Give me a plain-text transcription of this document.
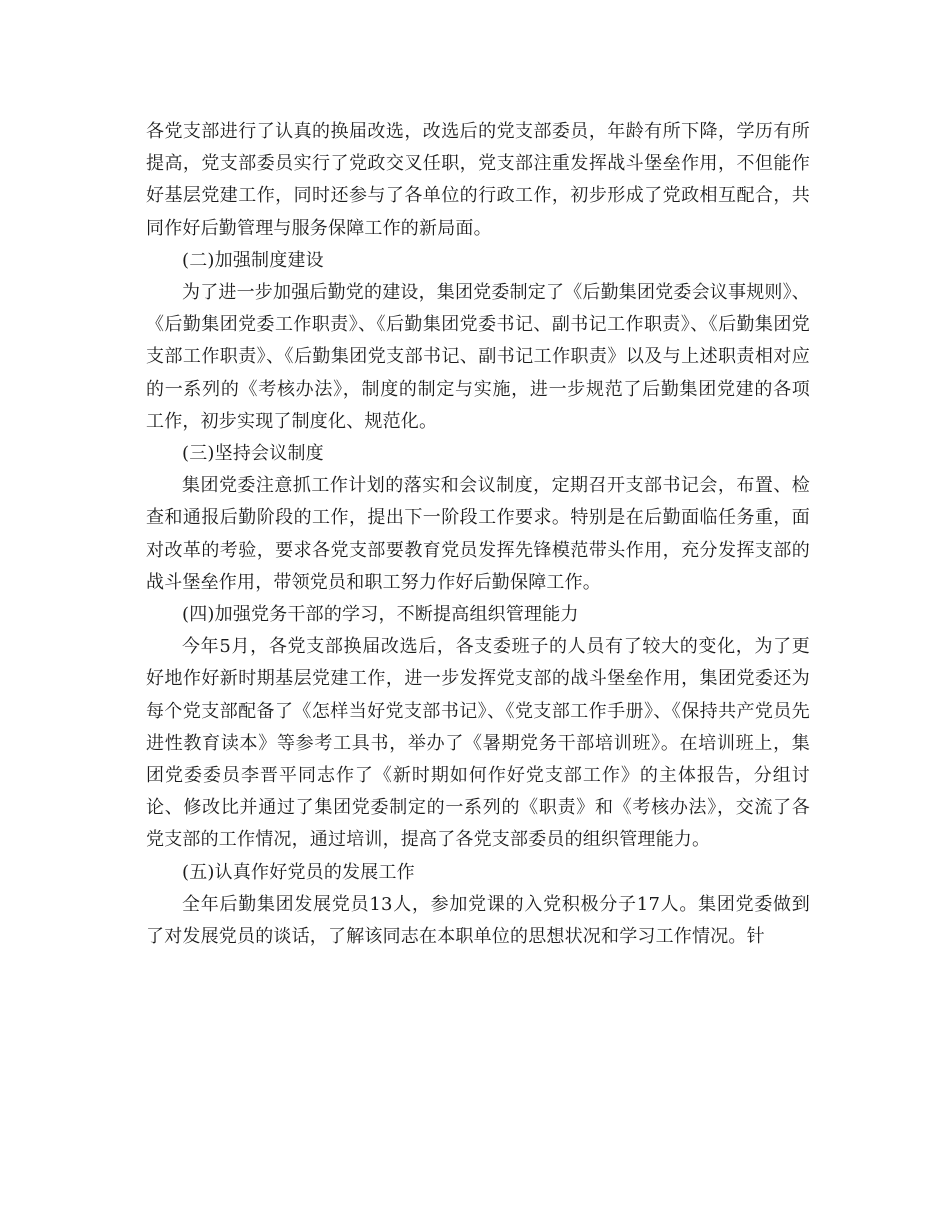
各党支部进行了认真的换届改选，改选后的党支部委员，年龄有所下降，学历有所提高，党支部委员实行了党政交叉任职，党支部注重发挥战斗堡垒作用，不但能作好基层党建工作，同时还参与了各单位的行政工作，初步形成了党政相互配合，共同作好后勤管理与服务保障工作的新局面。

(二)加强制度建设

为了进一步加强后勤党的建设，集团党委制定了《后勤集团党委会议事规则》、《后勤集团党委工作职责》、《后勤集团党委书记、副书记工作职责》、《后勤集团党支部工作职责》、《后勤集团党支部书记、副书记工作职责》以及与上述职责相对应的一系列的《考核办法》，制度的制定与实施，进一步规范了后勤集团党建的各项工作，初步实现了制度化、规范化。

(三)坚持会议制度

集团党委注意抓工作计划的落实和会议制度，定期召开支部书记会，布置、检查和通报后勤阶段的工作，提出下一阶段工作要求。特别是在后勤面临任务重，面对改革的考验，要求各党支部要教育党员发挥先锋模范带头作用，充分发挥支部的战斗堡垒作用，带领党员和职工努力作好后勤保障工作。

(四)加强党务干部的学习，不断提高组织管理能力

今年5月，各党支部换届改选后，各支委班子的人员有了较大的变化，为了更好地作好新时期基层党建工作，进一步发挥党支部的战斗堡垒作用，集团党委还为每个党支部配备了《怎样当好党支部书记》、《党支部工作手册》、《保持共产党员先进性教育读本》等参考工具书，举办了《暑期党务干部培训班》。在培训班上，集团党委委员李晋平同志作了《新时期如何作好党支部工作》的主体报告，分组讨论、修改比并通过了集团党委制定的一系列的《职责》和《考核办法》，交流了各党支部的工作情况，通过培训，提高了各党支部委员的组织管理能力。

(五)认真作好党员的发展工作

全年后勤集团发展党员13人，参加党课的入党积极分子17人。集团党委做到了对发展党员的谈话，了解该同志在本职单位的思想状况和学习工作情况。针
